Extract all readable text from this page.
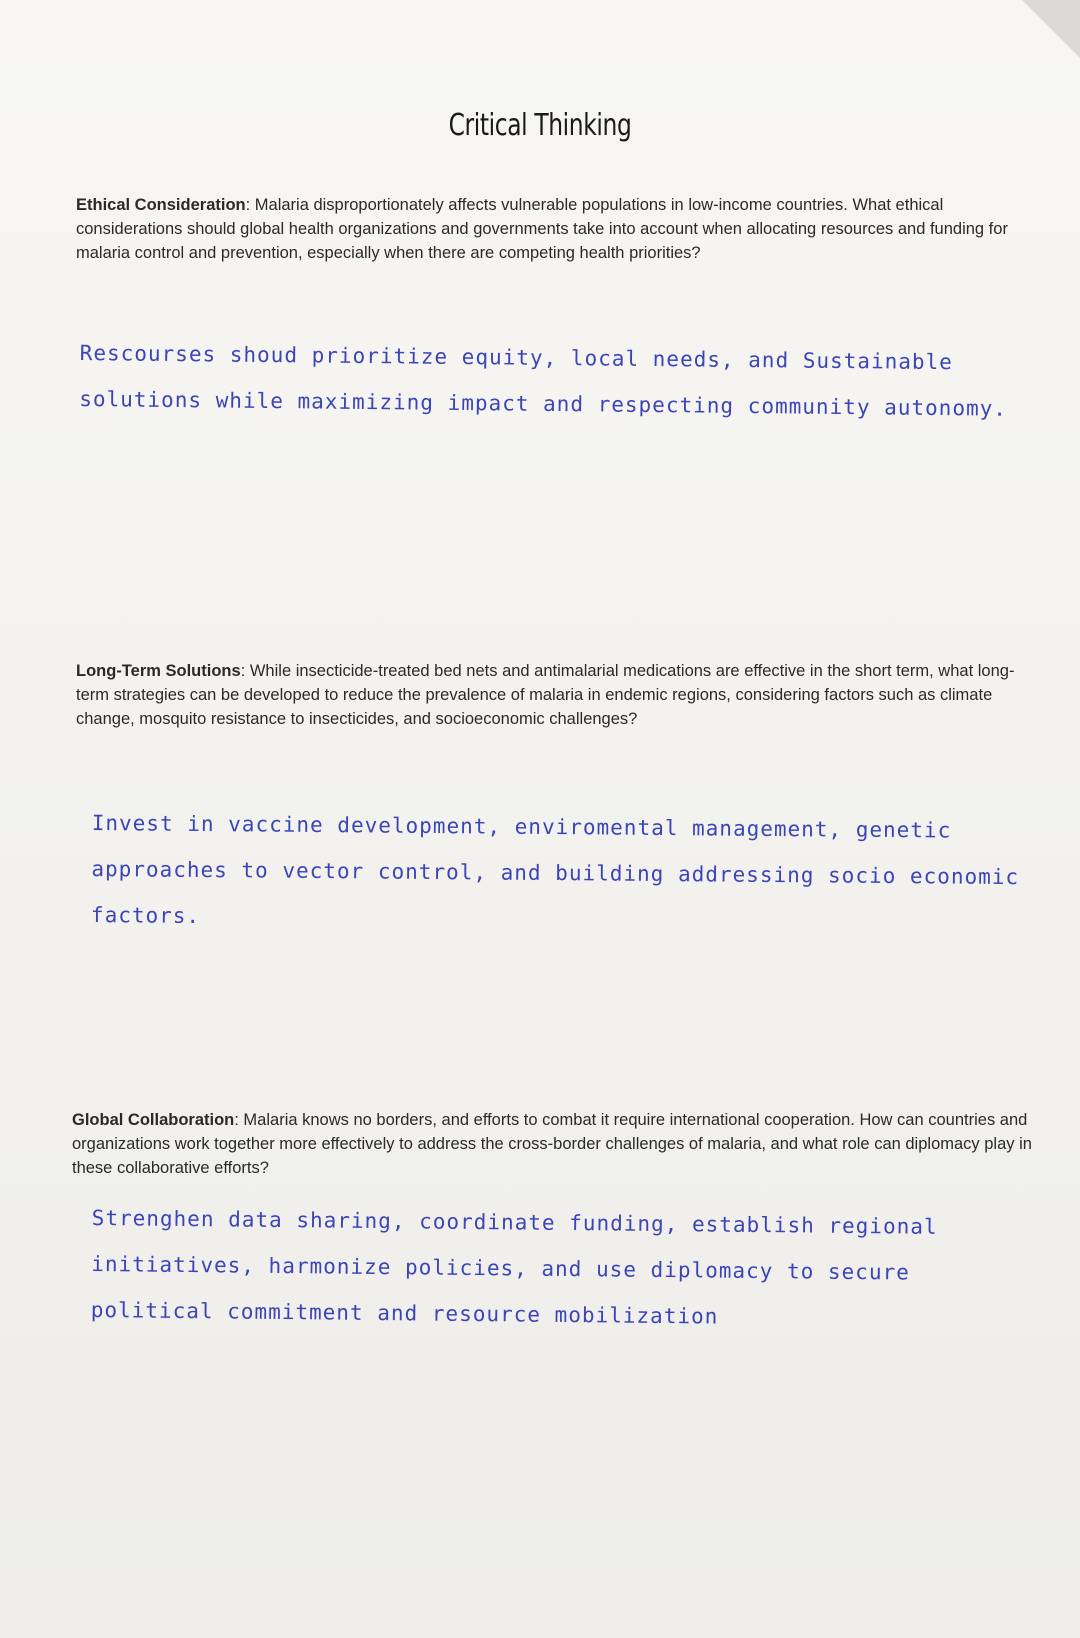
Critical Thinking
Ethical Consideration: Malaria disproportionately affects vulnerable populations in low-income countries. What ethical considerations should global health organizations and governments take into account when allocating resources and funding for malaria control and prevention, especially when there are competing health priorities?
Rescourses shoud prioritize equity, local needs, and Sustainable solutions while maximizing impact and respecting community autonomy.
Long-Term Solutions: While insecticide-treated bed nets and antimalarial medications are effective in the short term, what long-term strategies can be developed to reduce the prevalence of malaria in endemic regions, considering factors such as climate change, mosquito resistance to insecticides, and socioeconomic challenges?
Invest in vaccine development, enviromental management, genetic approaches to vector control, and building addressing socio economic factors.
Global Collaboration: Malaria knows no borders, and efforts to combat it require international cooperation. How can countries and organizations work together more effectively to address the cross-border challenges of malaria, and what role can diplomacy play in these collaborative efforts?
Strenghen data sharing, coordinate funding, establish regional initiatives, harmonize policies, and use diplomacy to secure political commitment and resource mobilization
